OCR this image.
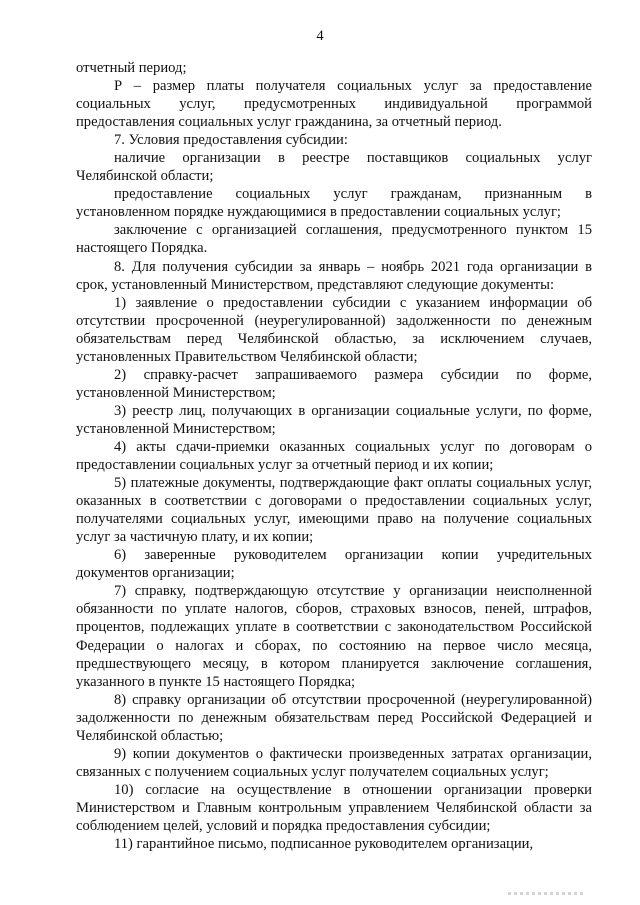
4

отчетный период;

Р – размер платы получателя социальных услуг за предоставление социальных услуг, предусмотренных индивидуальной программой предоставления социальных услуг гражданина, за отчетный период.

7. Условия предоставления субсидии:

наличие организации в реестре поставщиков социальных услуг Челябинской области;

предоставление социальных услуг гражданам, признанным в установленном порядке нуждающимися в предоставлении социальных услуг;

заключение с организацией соглашения, предусмотренного пунктом 15 настоящего Порядка.

8. Для получения субсидии за январь – ноябрь 2021 года организации в срок, установленный Министерством, представляют следующие документы:

1) заявление о предоставлении субсидии с указанием информации об отсутствии просроченной (неурегулированной) задолженности по денежным обязательствам перед Челябинской областью, за исключением случаев, установленных Правительством Челябинской области;

2) справку-расчет запрашиваемого размера субсидии по форме, установленной Министерством;

3) реестр лиц, получающих в организации социальные услуги, по форме, установленной Министерством;

4) акты сдачи-приемки оказанных социальных услуг по договорам о предоставлении социальных услуг за отчетный период и их копии;

5) платежные документы, подтверждающие факт оплаты социальных услуг, оказанных в соответствии с договорами о предоставлении социальных услуг, получателями социальных услуг, имеющими право на получение социальных услуг за частичную плату, и их копии;

6) заверенные руководителем организации копии учредительных документов организации;

7) справку, подтверждающую отсутствие у организации неисполненной обязанности по уплате налогов, сборов, страховых взносов, пеней, штрафов, процентов, подлежащих уплате в соответствии с законодательством Российской Федерации о налогах и сборах, по состоянию на первое число месяца, предшествующего месяцу, в котором планируется заключение соглашения, указанного в пункте 15 настоящего Порядка;

8) справку организации об отсутствии просроченной (неурегулированной) задолженности по денежным обязательствам перед Российской Федерацией и Челябинской областью;

9) копии документов о фактически произведенных затратах организации, связанных с получением социальных услуг получателем социальных услуг;

10) согласие на осуществление в отношении организации проверки Министерством и Главным контрольным управлением Челябинской области за соблюдением целей, условий и порядка предоставления субсидии;

11) гарантийное письмо, подписанное руководителем организации,
